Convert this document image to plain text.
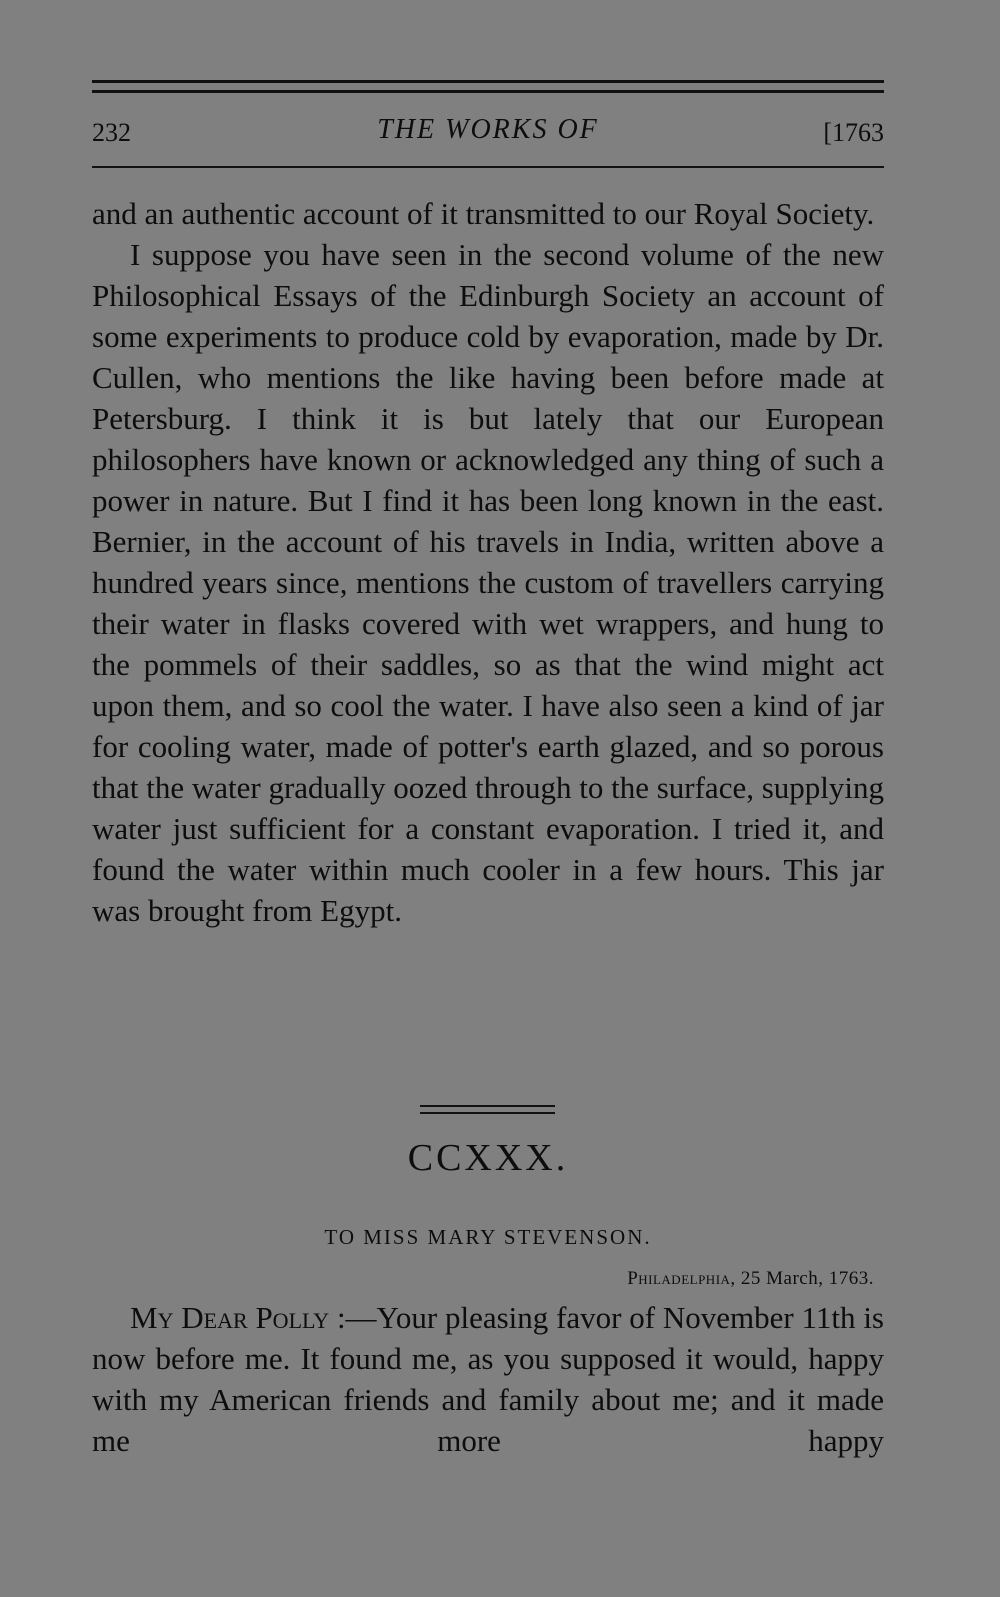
232	THE WORKS OF	[1763

and an authentic account of it transmitted to our Royal Society.

I suppose you have seen in the second volume of the new Philosophical Essays of the Edinburgh Society an account of some experiments to produce cold by evaporation, made by Dr. Cullen, who mentions the like having been before made at Petersburg. I think it is but lately that our European philosophers have known or acknowledged any thing of such a power in nature. But I find it has been long known in the east. Bernier, in the account of his travels in India, written above a hundred years since, mentions the custom of travellers carrying their water in flasks covered with wet wrappers, and hung to the pommels of their saddles, so as that the wind might act upon them, and so cool the water. I have also seen a kind of jar for cooling water, made of potter's earth glazed, and so porous that the water gradually oozed through to the surface, supplying water just sufficient for a constant evaporation. I tried it, and found the water within much cooler in a few hours. This jar was brought from Egypt.

CCXXX.
TO MISS MARY STEVENSON.
Philadelphia, 25 March, 1763.
My Dear Polly :—Your pleasing favor of November 11th is now before me. It found me, as you supposed it would, happy with my American friends and family about me; and it made me more happy
